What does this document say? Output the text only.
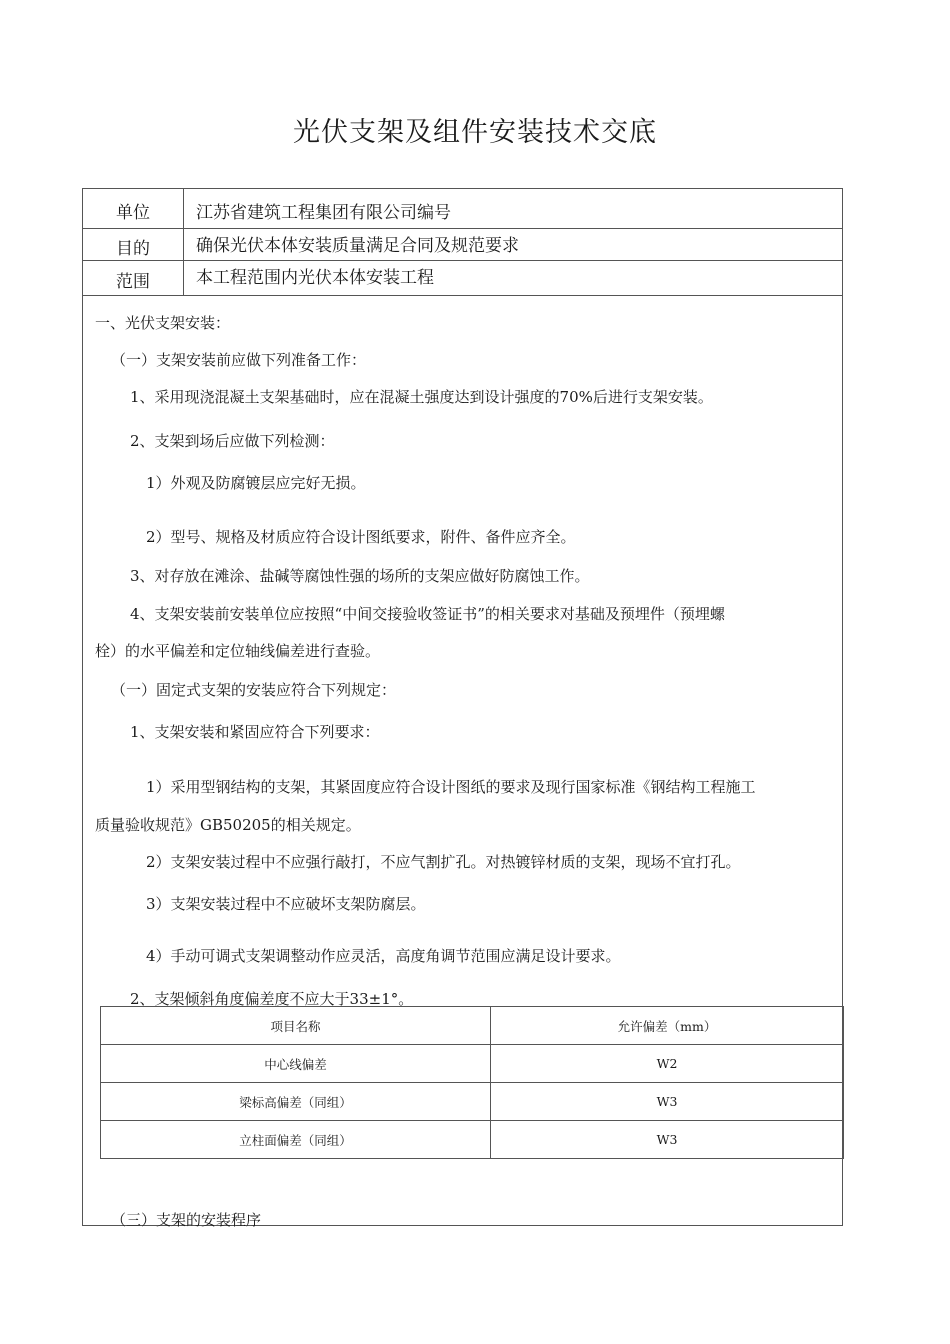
光伏支架及组件安装技术交底
单位	江苏省建筑工程集团有限公司编号
目的	确保光伏本体安装质量满足合同及规范要求
范围	本工程范围内光伏本体安装工程
一、光伏支架安装：
（一）支架安装前应做下列准备工作：
1、采用现浇混凝土支架基础时，应在混凝土强度达到设计强度的70%后进行支架安装。
2、支架到场后应做下列检测：
1）外观及防腐镀层应完好无损。
2）型号、规格及材质应符合设计图纸要求，附件、备件应齐全。
3、对存放在滩涂、盐碱等腐蚀性强的场所的支架应做好防腐蚀工作。
4、支架安装前安装单位应按照“中间交接验收签证书”的相关要求对基础及预埋件（预埋螺
栓）的水平偏差和定位轴线偏差进行查验。
（一）固定式支架的安装应符合下列规定：
1、支架安装和紧固应符合下列要求：
1）采用型钢结构的支架，其紧固度应符合设计图纸的要求及现行国家标准《钢结构工程施工
质量验收规范》GB50205的相关规定。
2）支架安装过程中不应强行敲打，不应气割扩孔。对热镀锌材质的支架，现场不宜打孔。
3）支架安装过程中不应破坏支架防腐层。
4）手动可调式支架调整动作应灵活，高度角调节范围应满足设计要求。
2、支架倾斜角度偏差度不应大于33±1°。
项目名称	允许偏差（mm）
中心线偏差	W2
梁标高偏差（同组）	W3
立柱面偏差（同组）	W3
（三）支架的安装程序
